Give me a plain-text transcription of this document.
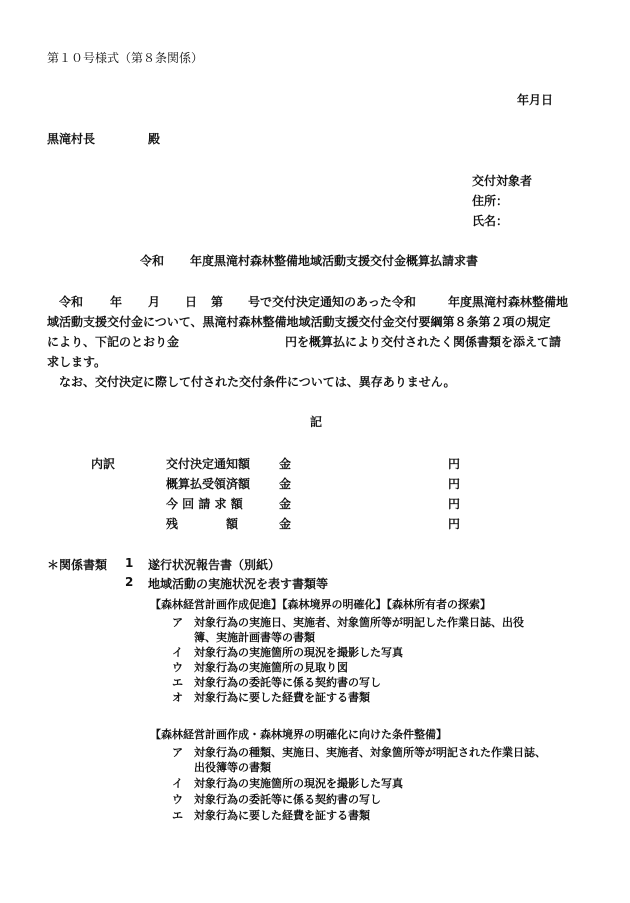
第１０号様式（第８条関係）
年月日
黒滝村長	殿
交付対象者
住所：
氏名：
令和 年度黒滝村森林整備地域活動支援交付金概算払請求書
令和 年 月 日 第 号で交付決定通知のあった令和	年度黒滝村森林整備地
域活動支援交付金について、黒滝村森林整備地域活動支援交付金交付要綱第８条第２項の規定
により、下記のとおり金	円を概算払により交付されたく関係書類を添えて請
求します。
なお、交付決定に際して付された交付条件については、異存ありません。
記
内訳	交付決定通知額 金	円
概算払受領済額 金	円
今 回 請 求 額	金	円
残　　　　額	金	円
＊関係書類 1 遂行状況報告書（別紙）
2 地域活動の実施状況を表す書類等
【森林経営計画作成促進】【森林境界の明確化】【森林所有者の探索】
ア 対象行為の実施日、実施者、対象箇所等が明記した作業日誌、出役
簿、実施計画書等の書類
イ 対象行為の実施箇所の現況を撮影した写真
ウ 対象行為の実施箇所の見取り図
エ 対象行為の委託等に係る契約書の写し
オ 対象行為に要した経費を証する書類
【森林経営計画作成・森林境界の明確化に向けた条件整備】
ア 対象行為の種類、実施日、実施者、対象箇所等が明記された作業日誌、
出役簿等の書類
イ 対象行為の実施箇所の現況を撮影した写真
ウ 対象行為の委託等に係る契約書の写し
エ 対象行為に要した経費を証する書類
